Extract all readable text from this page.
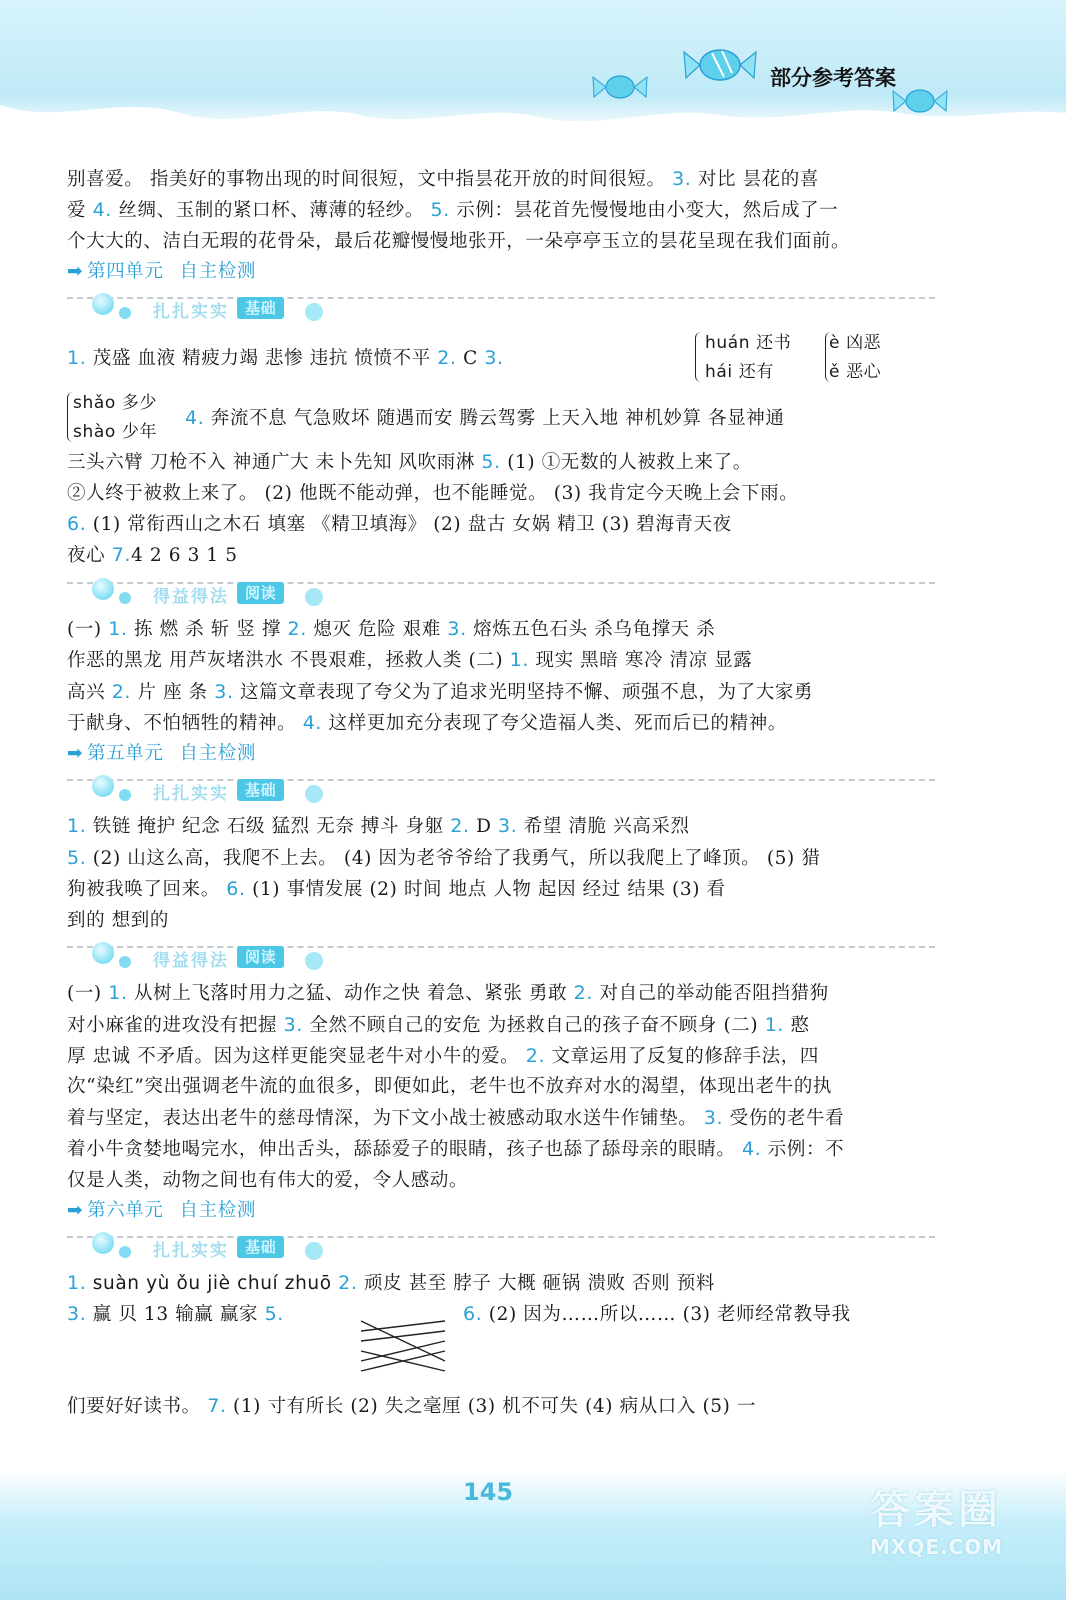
部分参考答案

别喜爱。 指美好的事物出现的时间很短，文中指昙花开放的时间很短。 3. 对比 昙花的喜

爱 4. 丝绸、玉制的紧口杯、薄薄的轻纱。 5. 示例：昙花首先慢慢地由小变大，然后成了一

个大大的、洁白无瑕的花骨朵，最后花瓣慢慢地张开，一朵亭亭玉立的昙花呈现在我们面前。

➡ 第四单元 自主检测

扎扎实实	基础
1. 茂盛 血液 精疲力竭 悲惨 违抗 愤愤不平 2. C 3.
huán 还书
hái 还有
è 凶恶
ě 恶心
shǎo 多少
shào 少年
4. 奔流不息 气急败坏 随遇而安 腾云驾雾 上天入地 神机妙算 各显神通

三头六臂 刀枪不入 神通广大 未卜先知 风吹雨淋 5. (1) ①无数的人被救上来了。

②人终于被救上来了。 (2) 他既不能动弹，也不能睡觉。 (3) 我肯定今天晚上会下雨。

6. (1) 常衔西山之木石 填塞 《精卫填海》 (2) 盘古 女娲 精卫 (3) 碧海青天夜

夜心 7.4 2 6 3 1 5

得益得法	阅读

(一) 1. 拣 燃 杀 斩 竖 撑 2. 熄灭 危险 艰难 3. 熔炼五色石头 杀乌龟撑天 杀

作恶的黑龙 用芦灰堵洪水 不畏艰难，拯救人类 (二) 1. 现实 黑暗 寒冷 清凉 显露

高兴 2. 片 座 条 3. 这篇文章表现了夸父为了追求光明坚持不懈、顽强不息，为了大家勇

于献身、不怕牺牲的精神。 4. 这样更加充分表现了夸父造福人类、死而后已的精神。

➡ 第五单元 自主检测

扎扎实实	基础

1. 铁链 掩护 纪念 石级 猛烈 无奈 搏斗 身躯 2. D 3. 希望 清脆 兴高采烈

5. (2) 山这么高，我爬不上去。 (4) 因为老爷爷给了我勇气，所以我爬上了峰顶。 (5) 猎

狗被我唤了回来。 6. (1) 事情发展 (2) 时间 地点 人物 起因 经过 结果 (3) 看

到的 想到的

得益得法	阅读

(一) 1. 从树上飞落时用力之猛、动作之快 着急、紧张 勇敢 2. 对自己的举动能否阻挡猎狗

对小麻雀的进攻没有把握 3. 全然不顾自己的安危 为拯救自己的孩子奋不顾身 (二) 1. 憨

厚 忠诚 不矛盾。因为这样更能突显老牛对小牛的爱。 2. 文章运用了反复的修辞手法，四

次“染红”突出强调老牛流的血很多，即便如此，老牛也不放弃对水的渴望，体现出老牛的执

着与坚定，表达出老牛的慈母情深，为下文小战士被感动取水送牛作铺垫。 3. 受伤的老牛看

着小牛贪婪地喝完水，伸出舌头，舔舔爱子的眼睛，孩子也舔了舔母亲的眼睛。 4. 示例：不

仅是人类，动物之间也有伟大的爱，令人感动。

➡ 第六单元 自主检测

扎扎实实	基础

1. suàn yù ǒu jiè chuí zhuō 2. 顽皮 甚至 脖子 大概 砸锅 溃败 否则 预料

3. 赢 贝 13 输赢 赢家 5.	6. (2) 因为……所以…… (3) 老师经常教导我

们要好好读书。 7. (1) 寸有所长 (2) 失之毫厘 (3) 机不可失 (4) 病从口入 (5) 一

145	答案圈
MXQE.COM
